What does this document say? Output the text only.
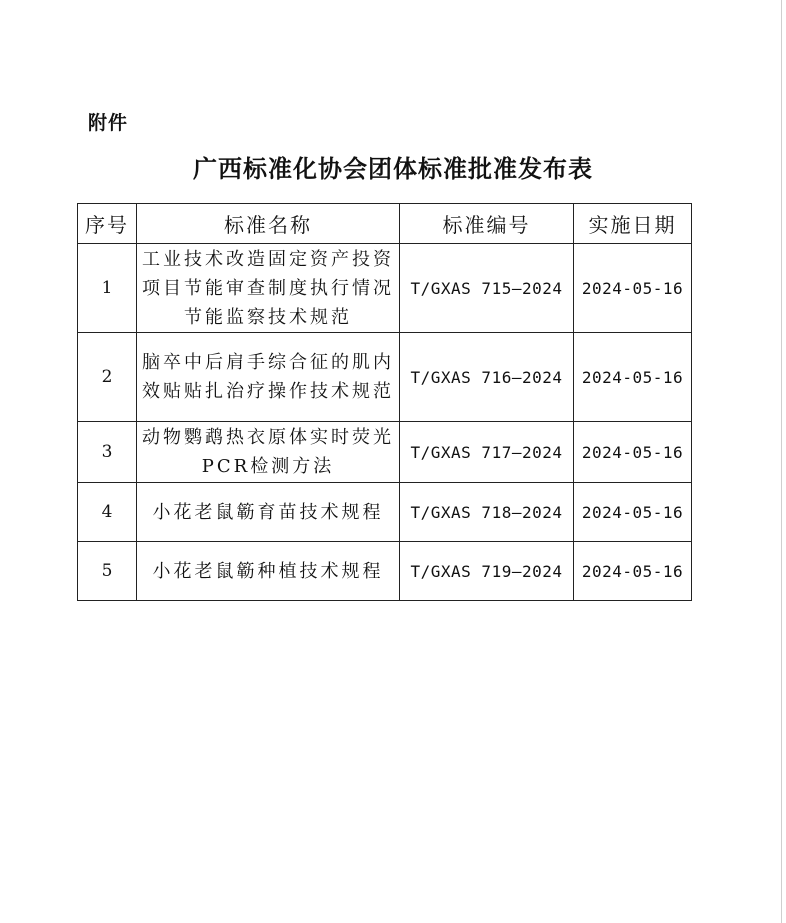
附件
广西标准化协会团体标准批准发布表
序号	标准名称	标准编号	实施日期
1	工业技术改造固定资产投资项目节能审查制度执行情况节能监察技术规范	T/GXAS 715—2024	2024-05-16
2	脑卒中后肩手综合征的肌内效贴贴扎治疗操作技术规范	T/GXAS 716—2024	2024-05-16
3	动物鹦鹉热衣原体实时荧光PCR检测方法	T/GXAS 717—2024	2024-05-16
4	小花老鼠簕育苗技术规程	T/GXAS 718—2024	2024-05-16
5	小花老鼠簕种植技术规程	T/GXAS 719—2024	2024-05-16
